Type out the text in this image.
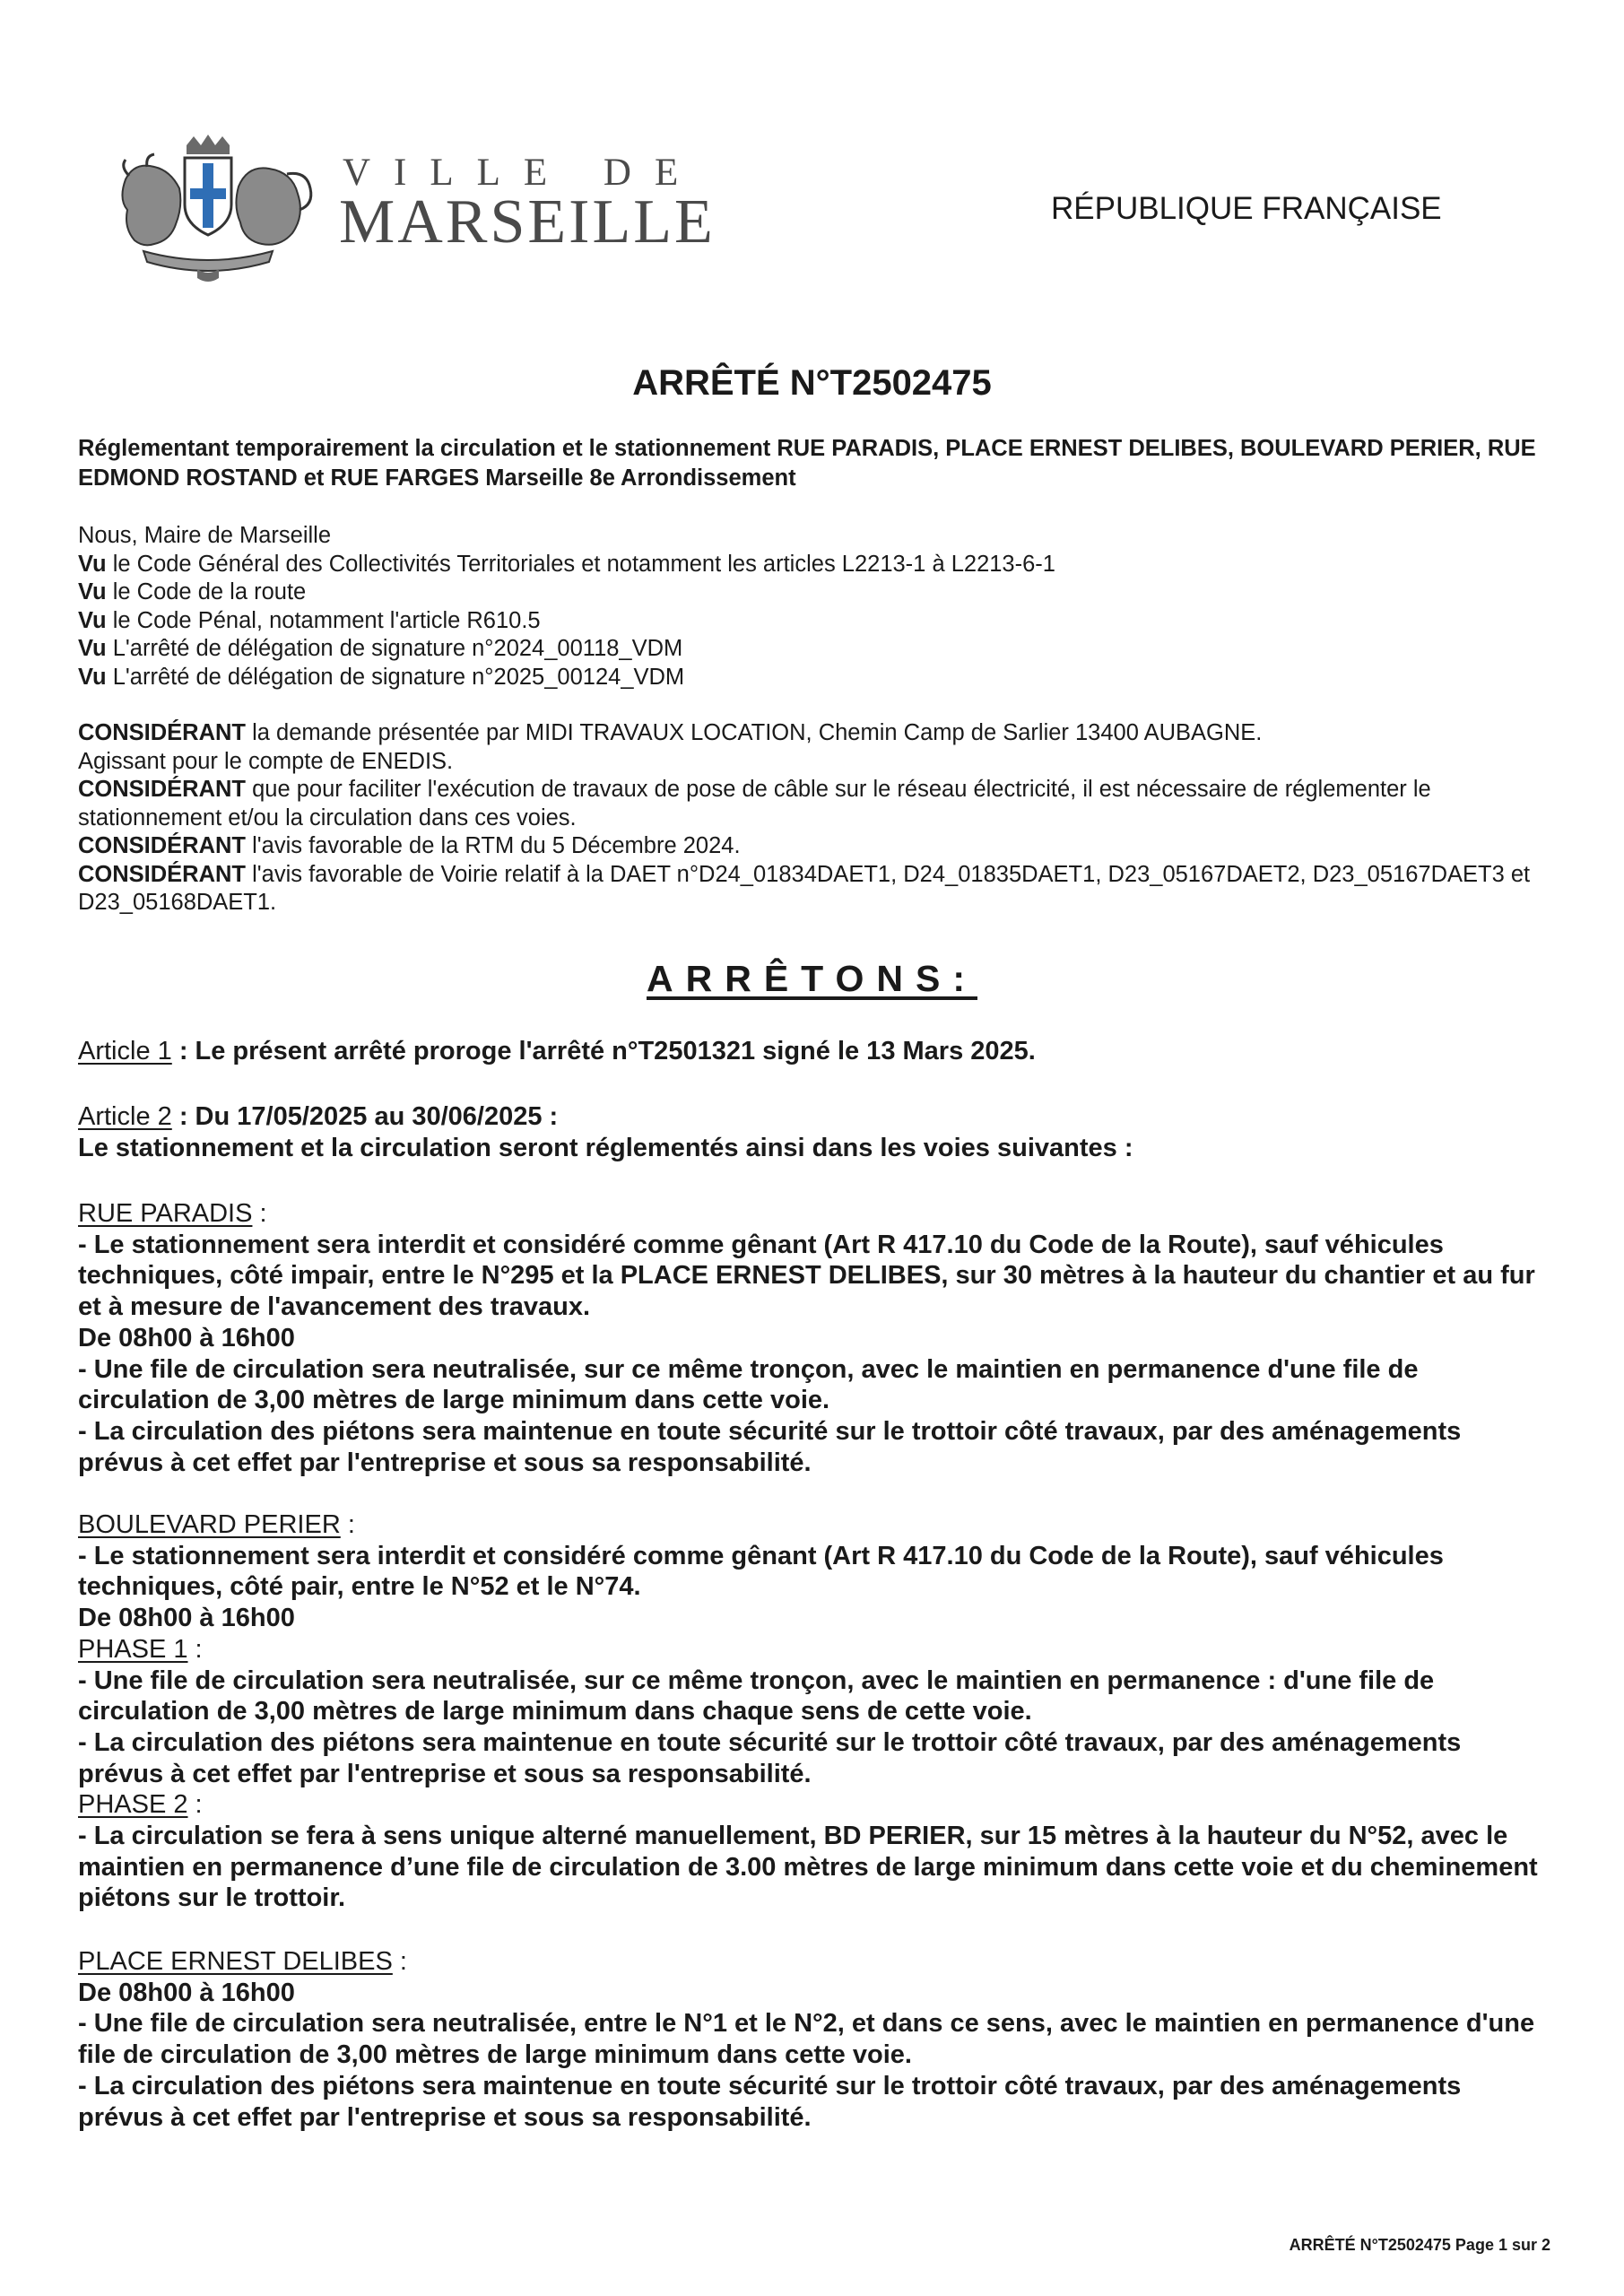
VILLE DE
MARSEILLE	RÉPUBLIQUE FRANÇAISE
ARRÊTÉ N°T2502475
Réglementant temporairement la circulation et le stationnement RUE PARADIS, PLACE ERNEST DELIBES, BOULEVARD PERIER, RUE EDMOND ROSTAND et RUE FARGES Marseille 8e Arrondissement

Nous, Maire de Marseille

Vu le Code Général des Collectivités Territoriales et notamment les articles L2213-1 à L2213-6-1

Vu le Code de la route

Vu le Code Pénal, notamment l'article R610.5

Vu L'arrêté de délégation de signature n°2024_00118_VDM

Vu L'arrêté de délégation de signature n°2025_00124_VDM

CONSIDÉRANT la demande présentée par MIDI TRAVAUX LOCATION, Chemin Camp de Sarlier 13400 AUBAGNE.

Agissant pour le compte de ENEDIS.

CONSIDÉRANT que pour faciliter l'exécution de travaux de pose de câble sur le réseau électricité, il est nécessaire de réglementer le stationnement et/ou la circulation dans ces voies.

CONSIDÉRANT l'avis favorable de la RTM du 5 Décembre 2024.

CONSIDÉRANT l'avis favorable de Voirie relatif à la DAET n°D24_01834DAET1, D24_01835DAET1, D23_05167DAET2, D23_05167DAET3 et D23_05168DAET1.

ARRÊTONS:
Article 1 : Le présent arrêté proroge l'arrêté n°T2501321 signé le 13 Mars 2025.
Article 2 : Du 17/05/2025 au 30/06/2025 :
Le stationnement et la circulation seront réglementés ainsi dans les voies suivantes :

RUE PARADIS :

- Le stationnement sera interdit et considéré comme gênant (Art R 417.10 du Code de la Route), sauf véhicules techniques, côté impair, entre le N°295 et la PLACE ERNEST DELIBES, sur 30 mètres à la hauteur du chantier et au fur et à mesure de l'avancement des travaux.

De 08h00 à 16h00

- Une file de circulation sera neutralisée, sur ce même tronçon, avec le maintien en permanence d'une file de circulation de 3,00 mètres de large minimum dans cette voie.

- La circulation des piétons sera maintenue en toute sécurité sur le trottoir côté travaux, par des aménagements prévus à cet effet par l'entreprise et sous sa responsabilité.

BOULEVARD PERIER :

- Le stationnement sera interdit et considéré comme gênant (Art R 417.10 du Code de la Route), sauf véhicules techniques, côté pair, entre le N°52 et le N°74.

De 08h00 à 16h00

PHASE 1 :

- Une file de circulation sera neutralisée, sur ce même tronçon, avec le maintien en permanence : d'une file de circulation de 3,00 mètres de large minimum dans chaque sens de cette voie.

- La circulation des piétons sera maintenue en toute sécurité sur le trottoir côté travaux, par des aménagements prévus à cet effet par l'entreprise et sous sa responsabilité.

PHASE 2 :

- La circulation se fera à sens unique alterné manuellement, BD PERIER, sur 15 mètres à la hauteur du N°52, avec le maintien en permanence d’une file de circulation de 3.00 mètres de large minimum dans cette voie et du cheminement piétons sur le trottoir.

PLACE ERNEST DELIBES :

De 08h00 à 16h00

- Une file de circulation sera neutralisée, entre le N°1 et le N°2, et dans ce sens, avec le maintien en permanence d'une file de circulation de 3,00 mètres de large minimum dans cette voie.

- La circulation des piétons sera maintenue en toute sécurité sur le trottoir côté travaux, par des aménagements prévus à cet effet par l'entreprise et sous sa responsabilité.

ARRÊTÉ N°T2502475 Page 1 sur 2
